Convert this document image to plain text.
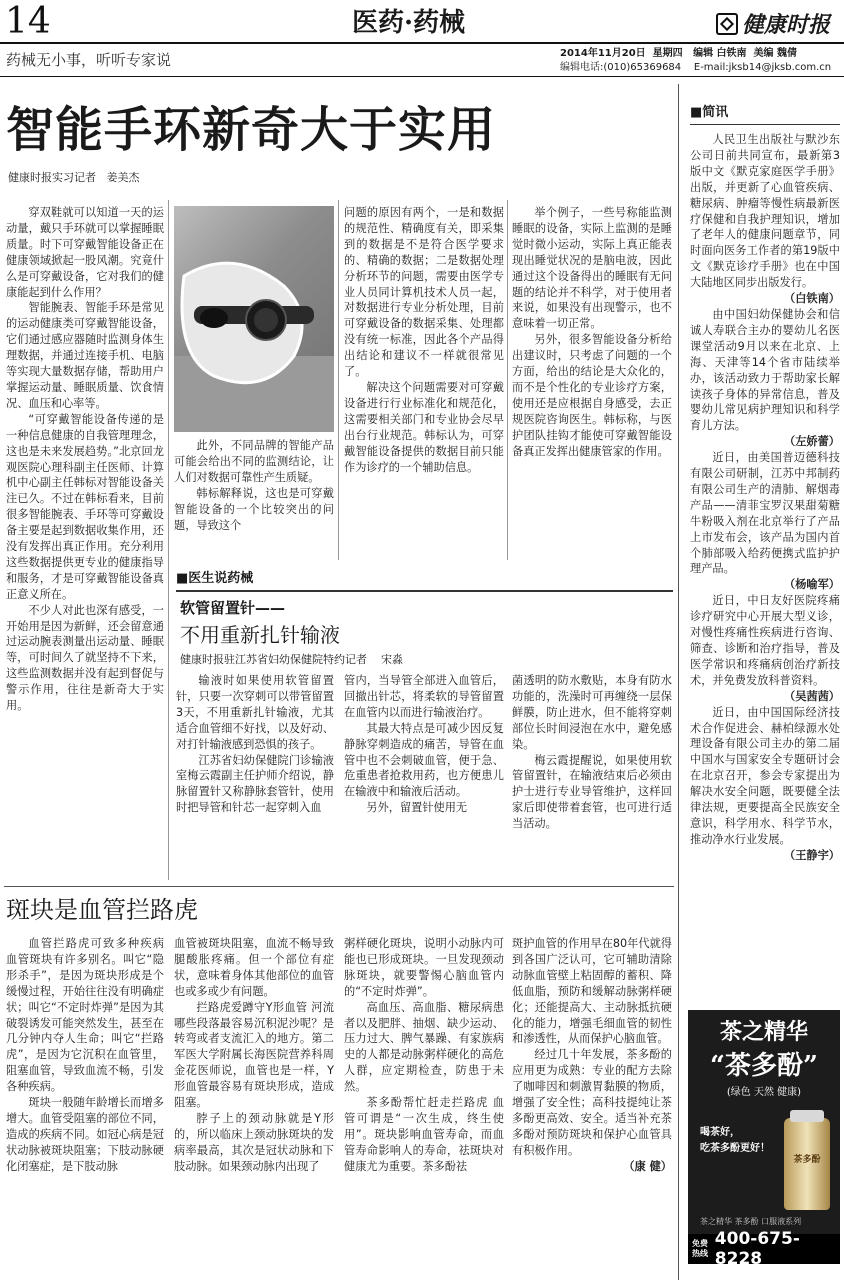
14	医药·药械	健康时报
药械无小事，听听专家说	2014年11月20日  星期四   编辑 白铁南  美编 魏倩
编辑电话:(010)65369684    E-mail:jksb14@jksb.com.cn
智能手环新奇大于实用
健康时报实习记者   姜美杰

穿双鞋就可以知道一天的运动量，戴只手环就可以掌握睡眠质量。时下可穿戴智能设备正在健康领域掀起一股风潮。究竟什么是可穿戴设备，它对我们的健康能起到什么作用？

智能腕表、智能手环是常见的运动健康类可穿戴智能设备，它们通过感应器随时监测身体生理数据，并通过连接手机、电脑等实现大量数据存储，帮助用户掌握运动量、睡眠质量、饮食情况、血压和心率等。

“可穿戴智能设备传递的是一种信息健康的自我管理理念，这也是未来发展趋势。”北京回龙观医院心理科副主任医师、计算机中心副主任韩标对智能设备关注已久。不过在韩标看来，目前很多智能腕表、手环等可穿戴设备主要是起到数据收集作用，还没有发挥出真正作用。充分利用这些数据提供更专业的健康指导和服务，才是可穿戴智能设备真正意义所在。

不少人对此也深有感受，一开始用是因为新鲜，还会留意通过运动腕表测量出运动量、睡眠等，可时间久了就坚持不下来，这些监测数据并没有起到督促与警示作用，往往是新奇大于实用。

此外，不同品牌的智能产品可能会给出不同的监测结论，让人们对数据可靠性产生质疑。

韩标解释说，这也是可穿戴智能设备的一个比较突出的问题，导致这个

问题的原因有两个，一是和数据的规范性、精确度有关，即采集到的数据是不是符合医学要求的、精确的数据；二是数据处理分析环节的问题，需要由医学专业人员同计算机技术人员一起，对数据进行专业分析处理，目前可穿戴设备的数据采集、处理都没有统一标准，因此各个产品得出结论和建议不一样就很常见了。

解决这个问题需要对可穿戴设备进行行业标准化和规范化，这需要相关部门和专业协会尽早出台行业规范。韩标认为，可穿戴智能设备提供的数据目前只能作为诊疗的一个辅助信息。

举个例子，一些号称能监测睡眠的设备，实际上监测的是睡觉时微小运动，实际上真正能表现出睡觉状况的是脑电波，因此通过这个设备得出的睡眠有无问题的结论并不科学，对于使用者来说，如果没有出现警示，也不意味着一切正常。

另外，很多智能设备分析给出建议时，只考虑了问题的一个方面，给出的结论是大众化的，而不是个性化的专业诊疗方案，使用还是应根据自身感受，去正规医院咨询医生。韩标称，与医护团队挂钩才能使可穿戴智能设备真正发挥出健康管家的作用。

■医生说药械
软管留置针——
不用重新扎针输液
健康时报驻江苏省妇幼保健院特约记者    宋淼

输液时如果使用软管留置针，只要一次穿刺可以带管留置3天，不用重新扎针输液，尤其适合血管细不好找，以及好动、对打针输液感到恐惧的孩子。

江苏省妇幼保健院门诊输液室梅云霞副主任护师介绍说，静脉留置针又称静脉套管针，使用时把导管和针芯一起穿刺入血

管内，当导管全部进入血管后，回撤出针芯，将柔软的导管留置在血管内以而进行输液治疗。

其最大特点是可减少因反复静脉穿刺造成的痛苦，导管在血管中也不会刺破血管，便于急、危重患者抢救用药，也方便患儿在输液中和输液后活动。

另外，留置针使用无

菌透明的防水敷贴，本身有防水功能的，洗澡时可再缠绕一层保鲜膜，防止进水，但不能将穿刺部位长时间浸泡在水中，避免感染。

梅云霞提醒说，如果使用软管留置针，在输液结束后必须由护士进行专业导管维护，这样回家后即使带着套管，也可进行适当活动。

斑块是血管拦路虎

血管拦路虎可致多种疾病 血管斑块有许多别名。叫它“隐形杀手”，是因为斑块形成是个缓慢过程，开始往往没有明确症状；叫它“不定时炸弹”是因为其破裂诱发可能突然发生，甚至在几分钟内夺人生命；叫它“拦路虎”，是因为它沉积在血管里，阻塞血管，导致血流不畅，引发各种疾病。

斑块一般随年龄增长而增多增大。血管受阻塞的部位不同，造成的疾病不同。如冠心病是冠状动脉被斑块阻塞；下肢动脉硬化闭塞症，是下肢动脉

血管被斑块阻塞，血流不畅导致腿酸胀疼痛。但一个部位有症状，意味着身体其他部位的血管也或多或少有问题。

拦路虎爱蹲守Y形血管 河流哪些段落最容易沉积泥沙呢？是转弯或者支流汇入的地方。第二军医大学附属长海医院营养科周金花医师说，血管也是一样，Y形血管最容易有斑块形成，造成阻塞。

脖子上的颈动脉就是Y形的，所以临床上颈动脉斑块的发病率最高，其次是冠状动脉和下肢动脉。如果颈动脉内出现了

粥样硬化斑块，说明小动脉内可能也已形成斑块。一旦发现颈动脉斑块，就要警惕心脑血管内的“不定时炸弹”。

高血压、高血脂、糖尿病患者以及肥胖、抽烟、缺少运动、压力过大、脾气暴躁、有家族病史的人都是动脉粥样硬化的高危人群，应定期检查，防患于未然。

茶多酚帮忙赶走拦路虎 血管可谓是“一次生成，终生使用”。斑块影响血管寿命，而血管寿命影响人的寿命，祛斑块对健康尤为重要。茶多酚祛

斑护血管的作用早在80年代就得到各国广泛认可，它可辅助清除动脉血管壁上粘固醇的蓄积、降低血脂，预防和缓解动脉粥样硬化；还能提高大、主动脉抵抗硬化的能力，增强毛细血管的韧性和渗透性，从而保护心脑血管。

经过几十年发展，茶多酚的应用更为成熟：专业的配方去除了咖啡因和刺激胃黏膜的物质，增强了安全性；高科技提纯让茶多酚更高效、安全。适当补充茶多酚对预防斑块和保护心血管具有积极作用。

（康 健）

■简讯

人民卫生出版社与默沙东公司日前共同宣布，最新第3版中文《默克家庭医学手册》出版，并更新了心血管疾病、糖尿病、肿瘤等慢性病最新医疗保健和自我护理知识，增加了老年人的健康问题章节，同时面向医务工作者的第19版中文《默克诊疗手册》也在中国大陆地区同步出版发行。

（白铁南）

由中国妇幼保健协会和信诚人寿联合主办的婴幼儿名医课堂活动9月以来在北京、上海、天津等14个省市陆续举办，该活动致力于帮助家长解读孩子身体的异常信息，普及婴幼儿常见病护理知识和科学育儿方法。

（左娇蕾）

近日，由美国普迈德科技有限公司研制，江苏中邦制药有限公司生产的清肺、解烟毒产品——清菲宝罗汉果甜菊糖牛粉吸入剂在北京举行了产品上市发布会，该产品为国内首个肺部吸入给药便携式监护护理产品。

（杨喻军）

近日，中日友好医院疼痛诊疗研究中心开展大型义诊，对慢性疼痛性疾病进行咨询、筛查、诊断和治疗指导，普及医学常识和疼痛病创治疗新技术，并免费发放科普资料。

（吴茜茜）

近日，由中国国际经济技术合作促进会、赫柏绿源水处理设备有限公司主办的第二届中国水与国家安全专题研讨会在北京召开，参会专家提出为解决水安全问题，既要健全法律法规，更要提高全民族安全意识，科学用水、科学节水，推动净水行业发展。

（王静宇）

茶之精华
“茶多酚”
(绿色 天然 健康)
喝茶好，
吃茶多酚更好！
茶多酚
茶之精华 茶多酚 口服液系列
免费热线
400-675-8228
